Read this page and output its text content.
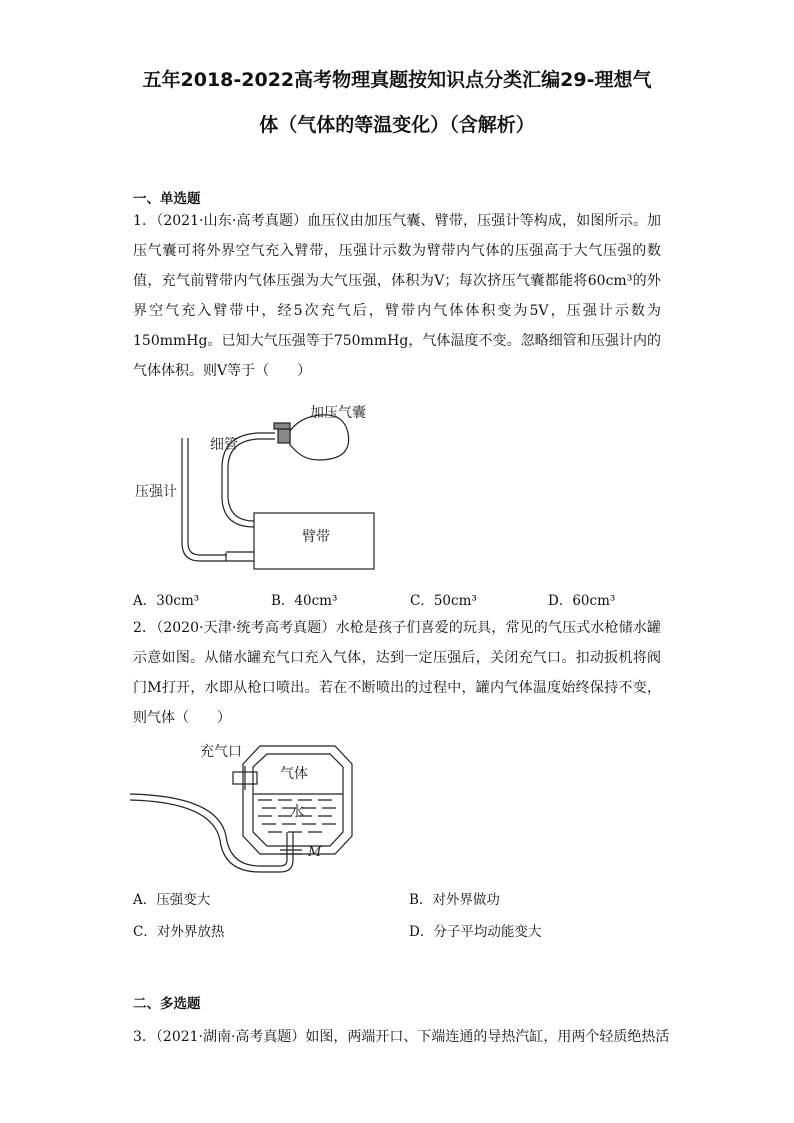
五年2018-2022高考物理真题按知识点分类汇编29-理想气
体（气体的等温变化）（含解析）
一、单选题
1．（2021·山东·高考真题）血压仪由加压气囊、臂带，压强计等构成，如图所示。加压气囊可将外界空气充入臂带，压强计示数为臂带内气体的压强高于大气压强的数值，充气前臂带内气体压强为大气压强，体积为V；每次挤压气囊都能将60cm³的外界空气充入臂带中，经5次充气后，臂带内气体体积变为5V，压强计示数为150mmHg。已知大气压强等于750mmHg，气体温度不变。忽略细管和压强计内的气体体积。则V等于（　　）
加压气囊
细管
压强计
臂带
A．30cm³	B．40cm³	C．50cm³	D．60cm³
2．（2020·天津·统考高考真题）水枪是孩子们喜爱的玩具，常见的气压式水枪储水罐示意如图。从储水罐充气口充入气体，达到一定压强后，关闭充气口。扣动扳机将阀门M打开，水即从枪口喷出。若在不断喷出的过程中，罐内气体温度始终保持不变，则气体（　　）
充气口
气体
水
M
A．压强变大	B．对外界做功
C．对外界放热	D．分子平均动能变大
二、多选题
3．（2021·湖南·高考真题）如图，两端开口、下端连通的导热汽缸，用两个轻质绝热活
